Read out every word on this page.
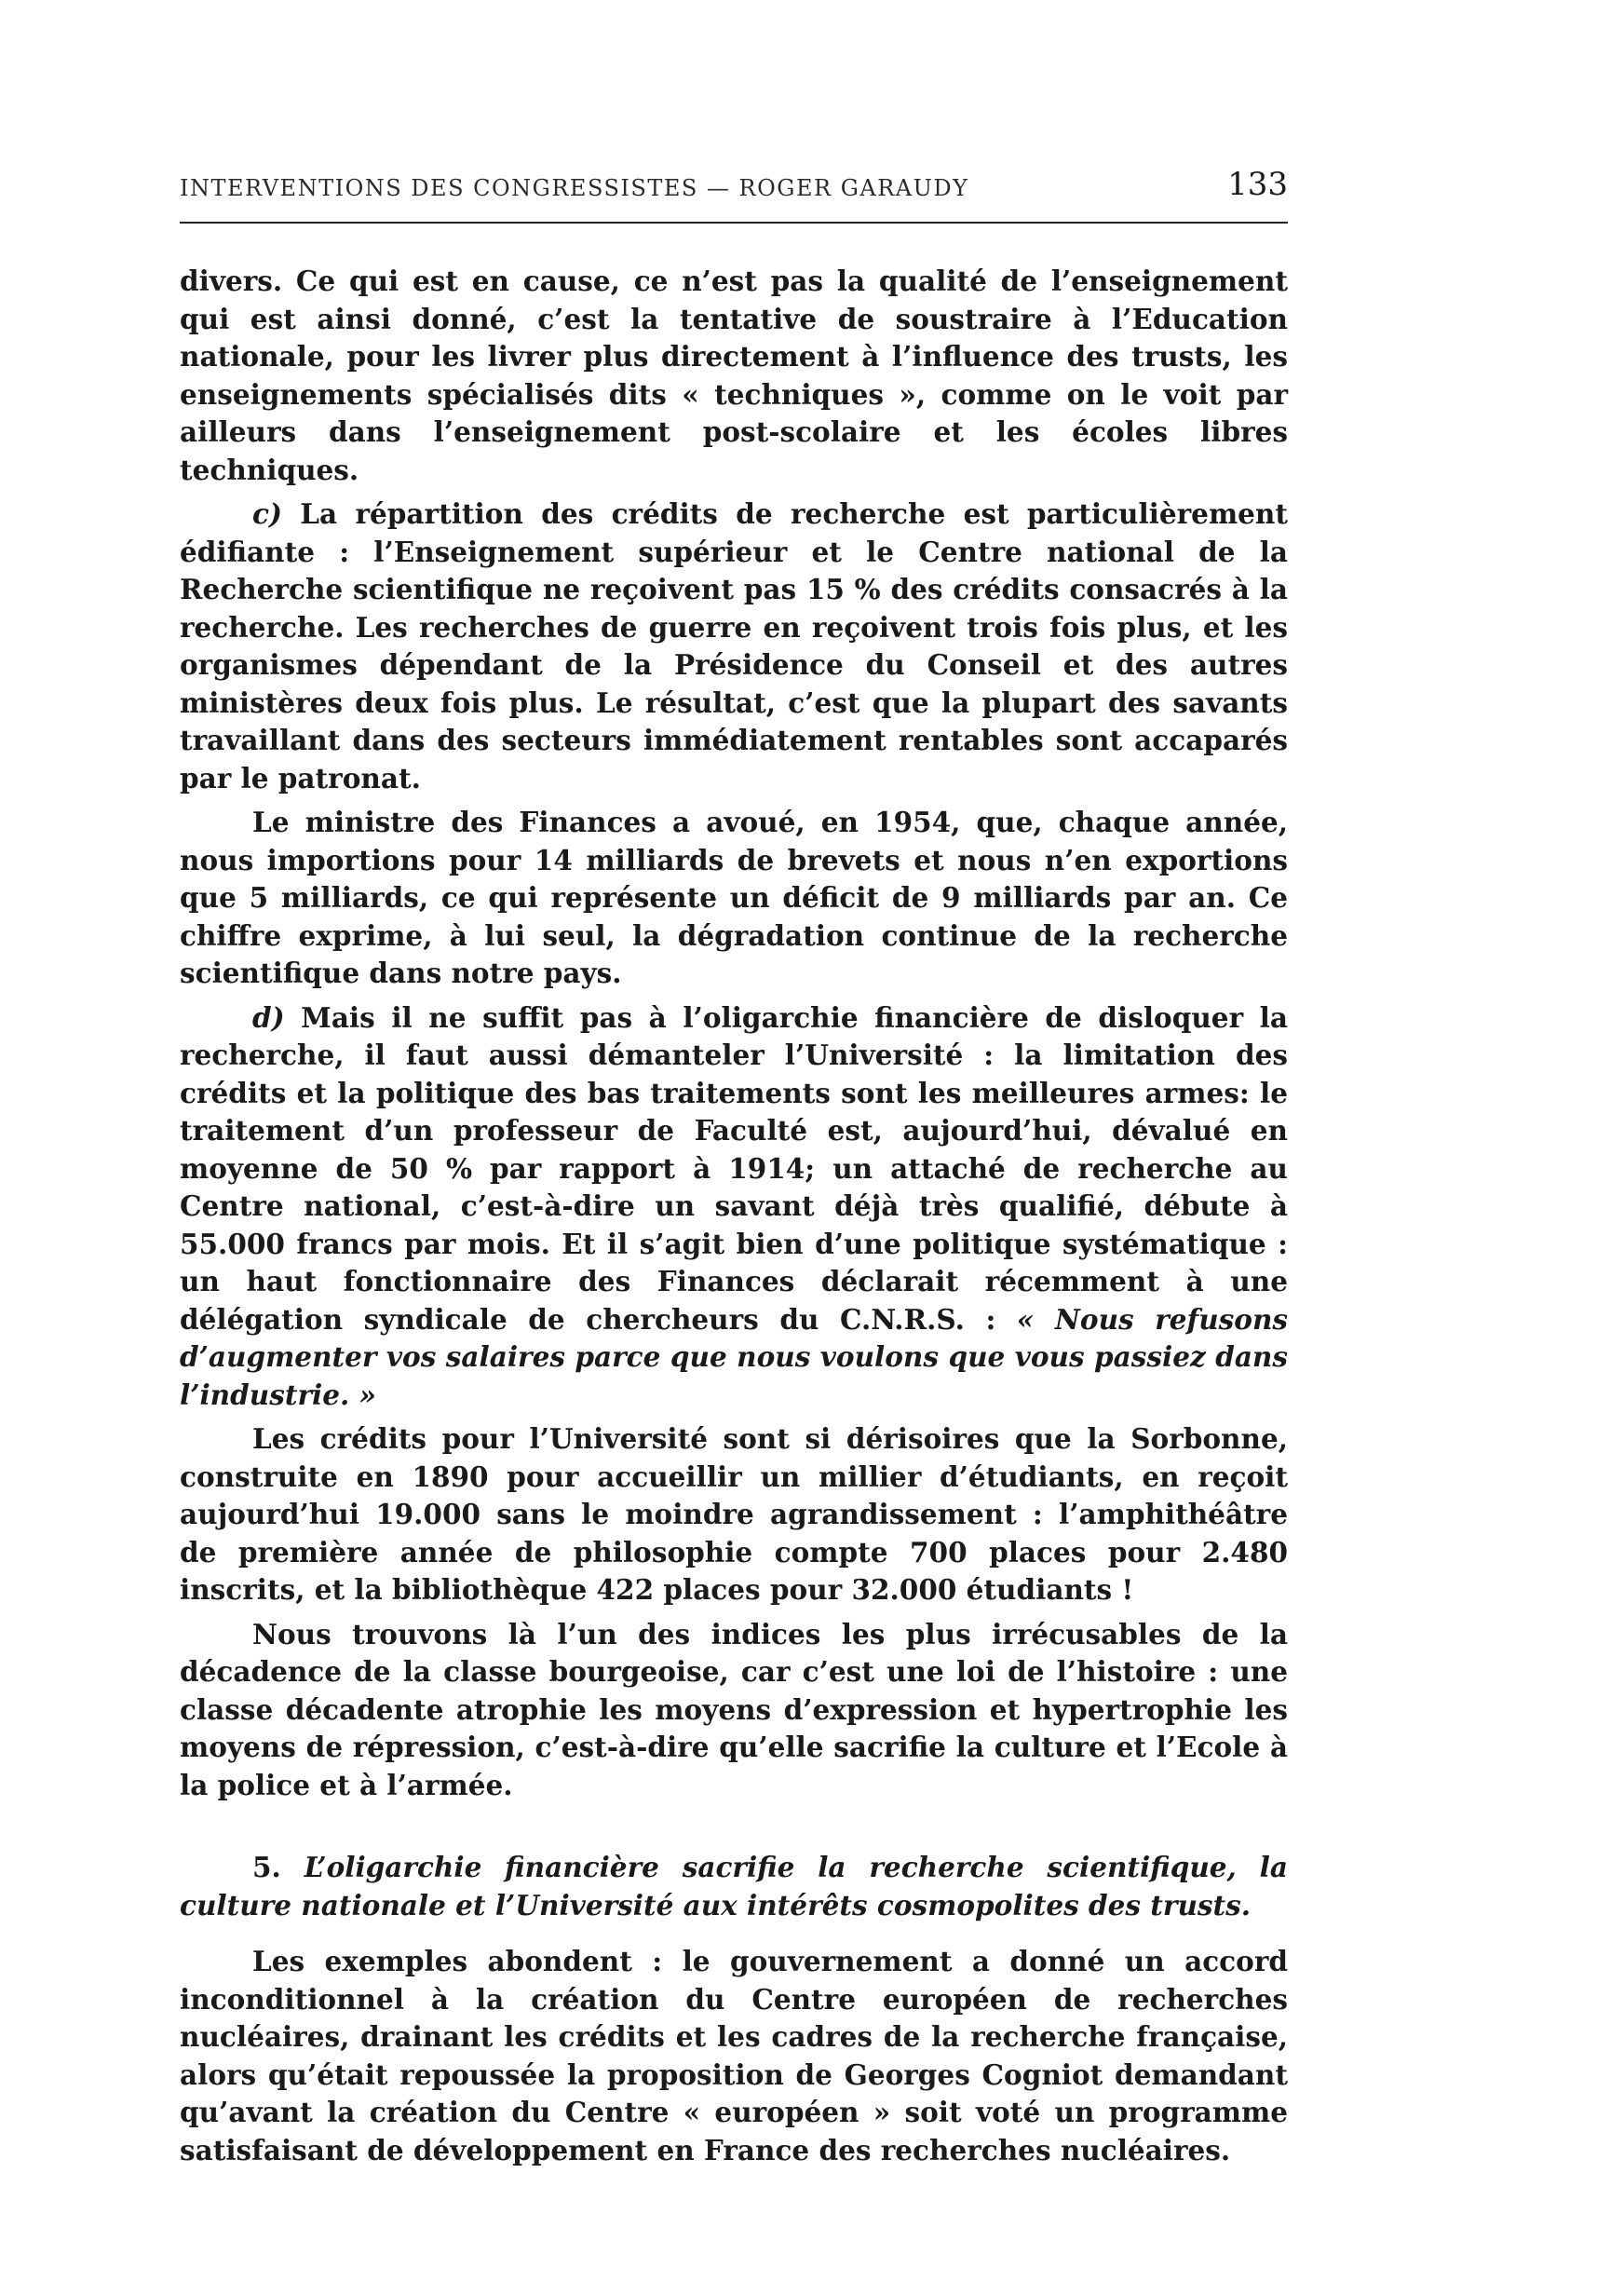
INTERVENTIONS DES CONGRESSISTES — ROGER GARAUDY	133

divers. Ce qui est en cause, ce n’est pas la qualité de l’enseignement qui est ainsi donné, c’est la tentative de soustraire à l’Education nationale, pour les livrer plus directement à l’influence des trusts, les enseignements spécialisés dits « techniques », comme on le voit par ailleurs dans l’enseignement post-scolaire et les écoles libres techniques.

c) La répartition des crédits de recherche est particulièrement édifiante : l’Enseignement supérieur et le Centre national de la Recherche scientifique ne reçoivent pas 15 % des crédits consacrés à la recherche. Les recherches de guerre en reçoivent trois fois plus, et les organismes dépendant de la Présidence du Conseil et des autres ministères deux fois plus. Le résultat, c’est que la plupart des savants travaillant dans des secteurs immédiatement rentables sont accaparés par le patronat.

Le ministre des Finances a avoué, en 1954, que, chaque année, nous importions pour 14 milliards de brevets et nous n’en exportions que 5 milliards, ce qui représente un déficit de 9 milliards par an. Ce chiffre exprime, à lui seul, la dégradation continue de la recherche scientifique dans notre pays.

d) Mais il ne suffit pas à l’oligarchie financière de disloquer la recherche, il faut aussi démanteler l’Université : la limitation des crédits et la politique des bas traitements sont les meilleures armes: le traitement d’un professeur de Faculté est, aujourd’hui, dévalué en moyenne de 50 % par rapport à 1914; un attaché de recherche au Centre national, c’est-à-dire un savant déjà très qualifié, débute à 55.000 francs par mois. Et il s’agit bien d’une politique systématique : un haut fonctionnaire des Finances déclarait récemment à une délégation syndicale de chercheurs du C.N.R.S. : « Nous refusons d’augmenter vos salaires parce que nous voulons que vous passiez dans l’industrie. »

Les crédits pour l’Université sont si dérisoires que la Sorbonne, construite en 1890 pour accueillir un millier d’étudiants, en reçoit aujourd’hui 19.000 sans le moindre agrandissement : l’amphithéâtre de première année de philosophie compte 700 places pour 2.480 inscrits, et la bibliothèque 422 places pour 32.000 étudiants !

Nous trouvons là l’un des indices les plus irrécusables de la décadence de la classe bourgeoise, car c’est une loi de l’histoire : une classe décadente atrophie les moyens d’expression et hypertrophie les moyens de répression, c’est-à-dire qu’elle sacrifie la culture et l’Ecole à la police et à l’armée.

5. L’oligarchie financière sacrifie la recherche scientifique, la culture nationale et l’Université aux intérêts cosmopolites des trusts.

Les exemples abondent : le gouvernement a donné un accord inconditionnel à la création du Centre européen de recherches nucléaires, drainant les crédits et les cadres de la recherche française, alors qu’était repoussée la proposition de Georges Cogniot demandant qu’avant la création du Centre « européen » soit voté un programme satisfaisant de développement en France des recherches nucléaires.
